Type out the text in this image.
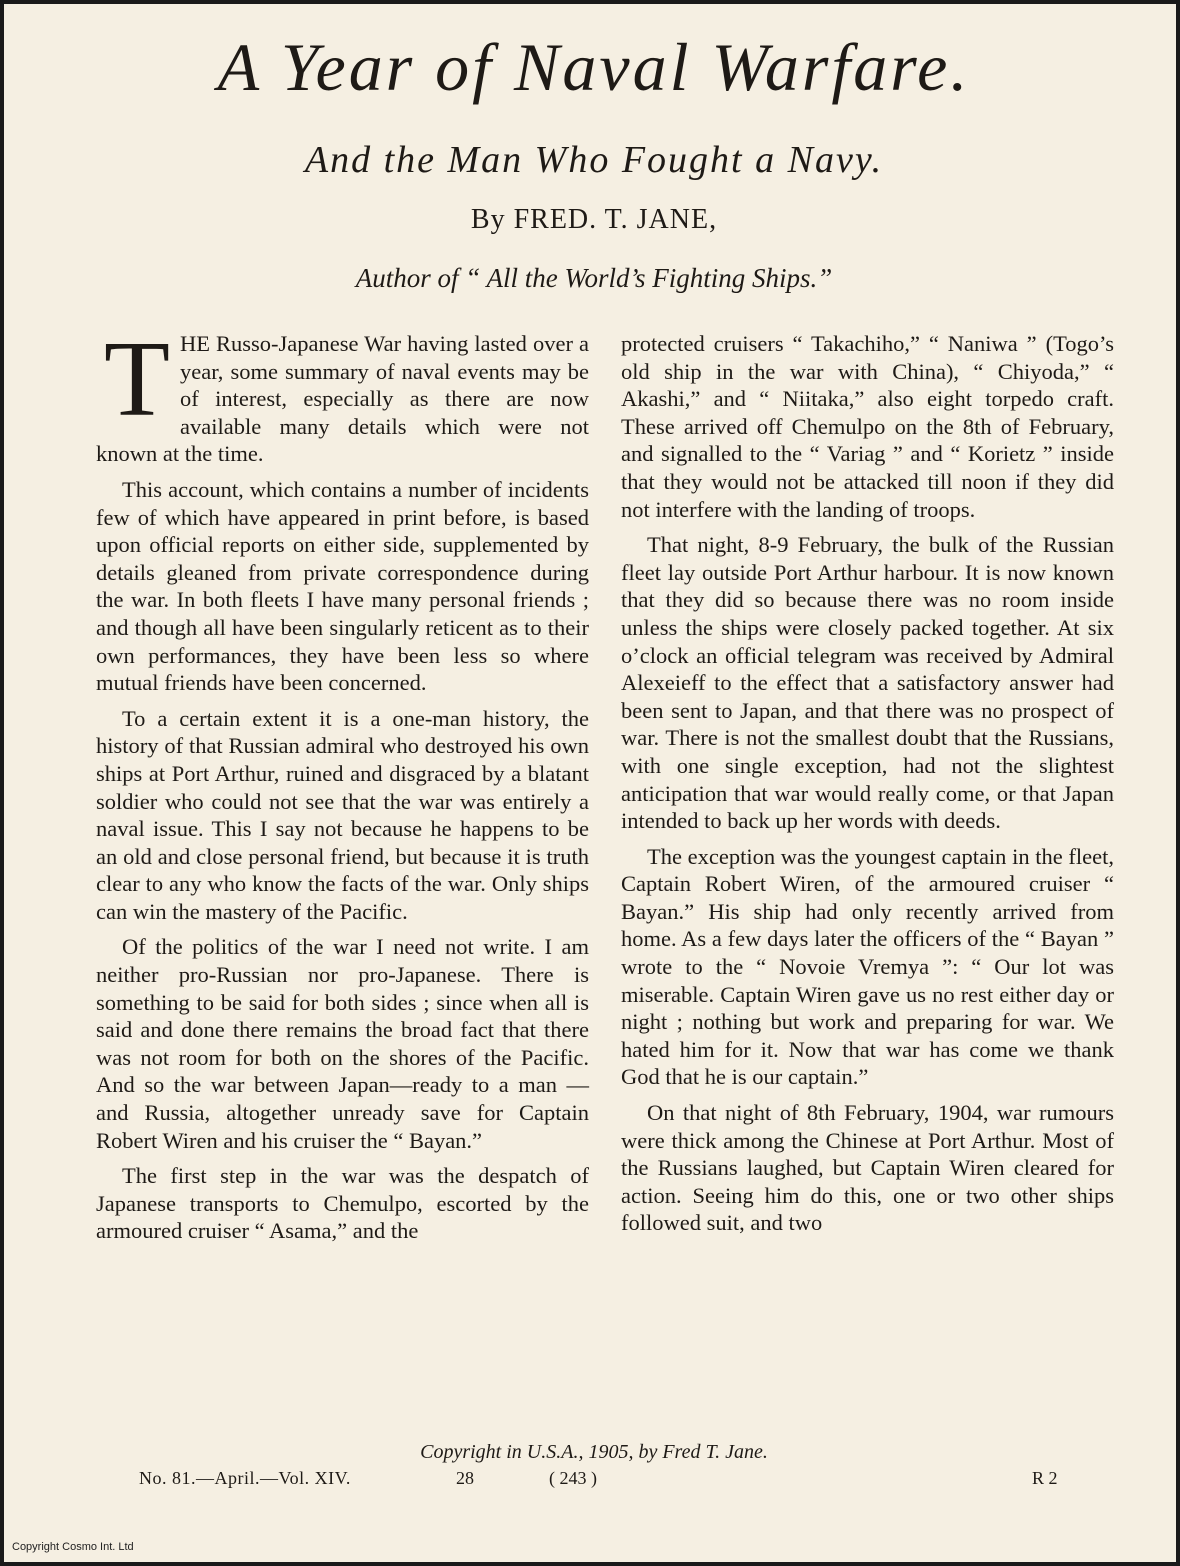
A Year of Naval Warfare.
And the Man Who Fought a Navy.
By FRED. T. JANE,
Author of “ All the World’s Fighting Ships.”

THE Russo-Japanese War having lasted over a year, some summary of naval events may be of interest, especially as there are now available many details which were not known at the time.

This account, which contains a number of incidents few of which have appeared in print before, is based upon official reports on either side, supplemented by details gleaned from private correspondence during the war. In both fleets I have many personal friends ; and though all have been singularly reticent as to their own performances, they have been less so where mutual friends have been concerned.

To a certain extent it is a one-man history, the history of that Russian admiral who destroyed his own ships at Port Arthur, ruined and disgraced by a blatant soldier who could not see that the war was entirely a naval issue. This I say not because he happens to be an old and close personal friend, but because it is truth clear to any who know the facts of the war. Only ships can win the mastery of the Pacific.

Of the politics of the war I need not write. I am neither pro-Russian nor pro-Japanese. There is something to be said for both sides ; since when all is said and done there remains the broad fact that there was not room for both on the shores of the Pacific. And so the war between Japan—ready to a man — and Russia, altogether unready save for Captain Robert Wiren and his cruiser the “ Bayan.”

The first step in the war was the despatch of Japanese transports to Chemulpo, escorted by the armoured cruiser “ Asama,” and the

protected cruisers “ Takachiho,” “ Naniwa ” (Togo’s old ship in the war with China), “ Chiyoda,” “ Akashi,” and “ Niitaka,” also eight torpedo craft. These arrived off Chemulpo on the 8th of February, and signalled to the “ Variag ” and “ Korietz ” inside that they would not be attacked till noon if they did not interfere with the landing of troops.

That night, 8-9 February, the bulk of the Russian fleet lay outside Port Arthur harbour. It is now known that they did so because there was no room inside unless the ships were closely packed together. At six o’clock an official telegram was received by Admiral Alexeieff to the effect that a satisfactory answer had been sent to Japan, and that there was no prospect of war. There is not the smallest doubt that the Russians, with one single exception, had not the slightest anticipation that war would really come, or that Japan intended to back up her words with deeds.

The exception was the youngest captain in the fleet, Captain Robert Wiren, of the armoured cruiser “ Bayan.” His ship had only recently arrived from home. As a few days later the officers of the “ Bayan ” wrote to the “ Novoie Vremya ”: “ Our lot was miserable. Captain Wiren gave us no rest either day or night ; nothing but work and preparing for war. We hated him for it. Now that war has come we thank God that he is our captain.”

On that night of 8th February, 1904, war rumours were thick among the Chinese at Port Arthur. Most of the Russians laughed, but Captain Wiren cleared for action. Seeing him do this, one or two other ships followed suit, and two

Copyright in U.S.A., 1905, by Fred T. Jane.
No. 81.—April.—Vol. XIV.	28	( 243 )	R 2
Copyright Cosmo Int. Ltd
